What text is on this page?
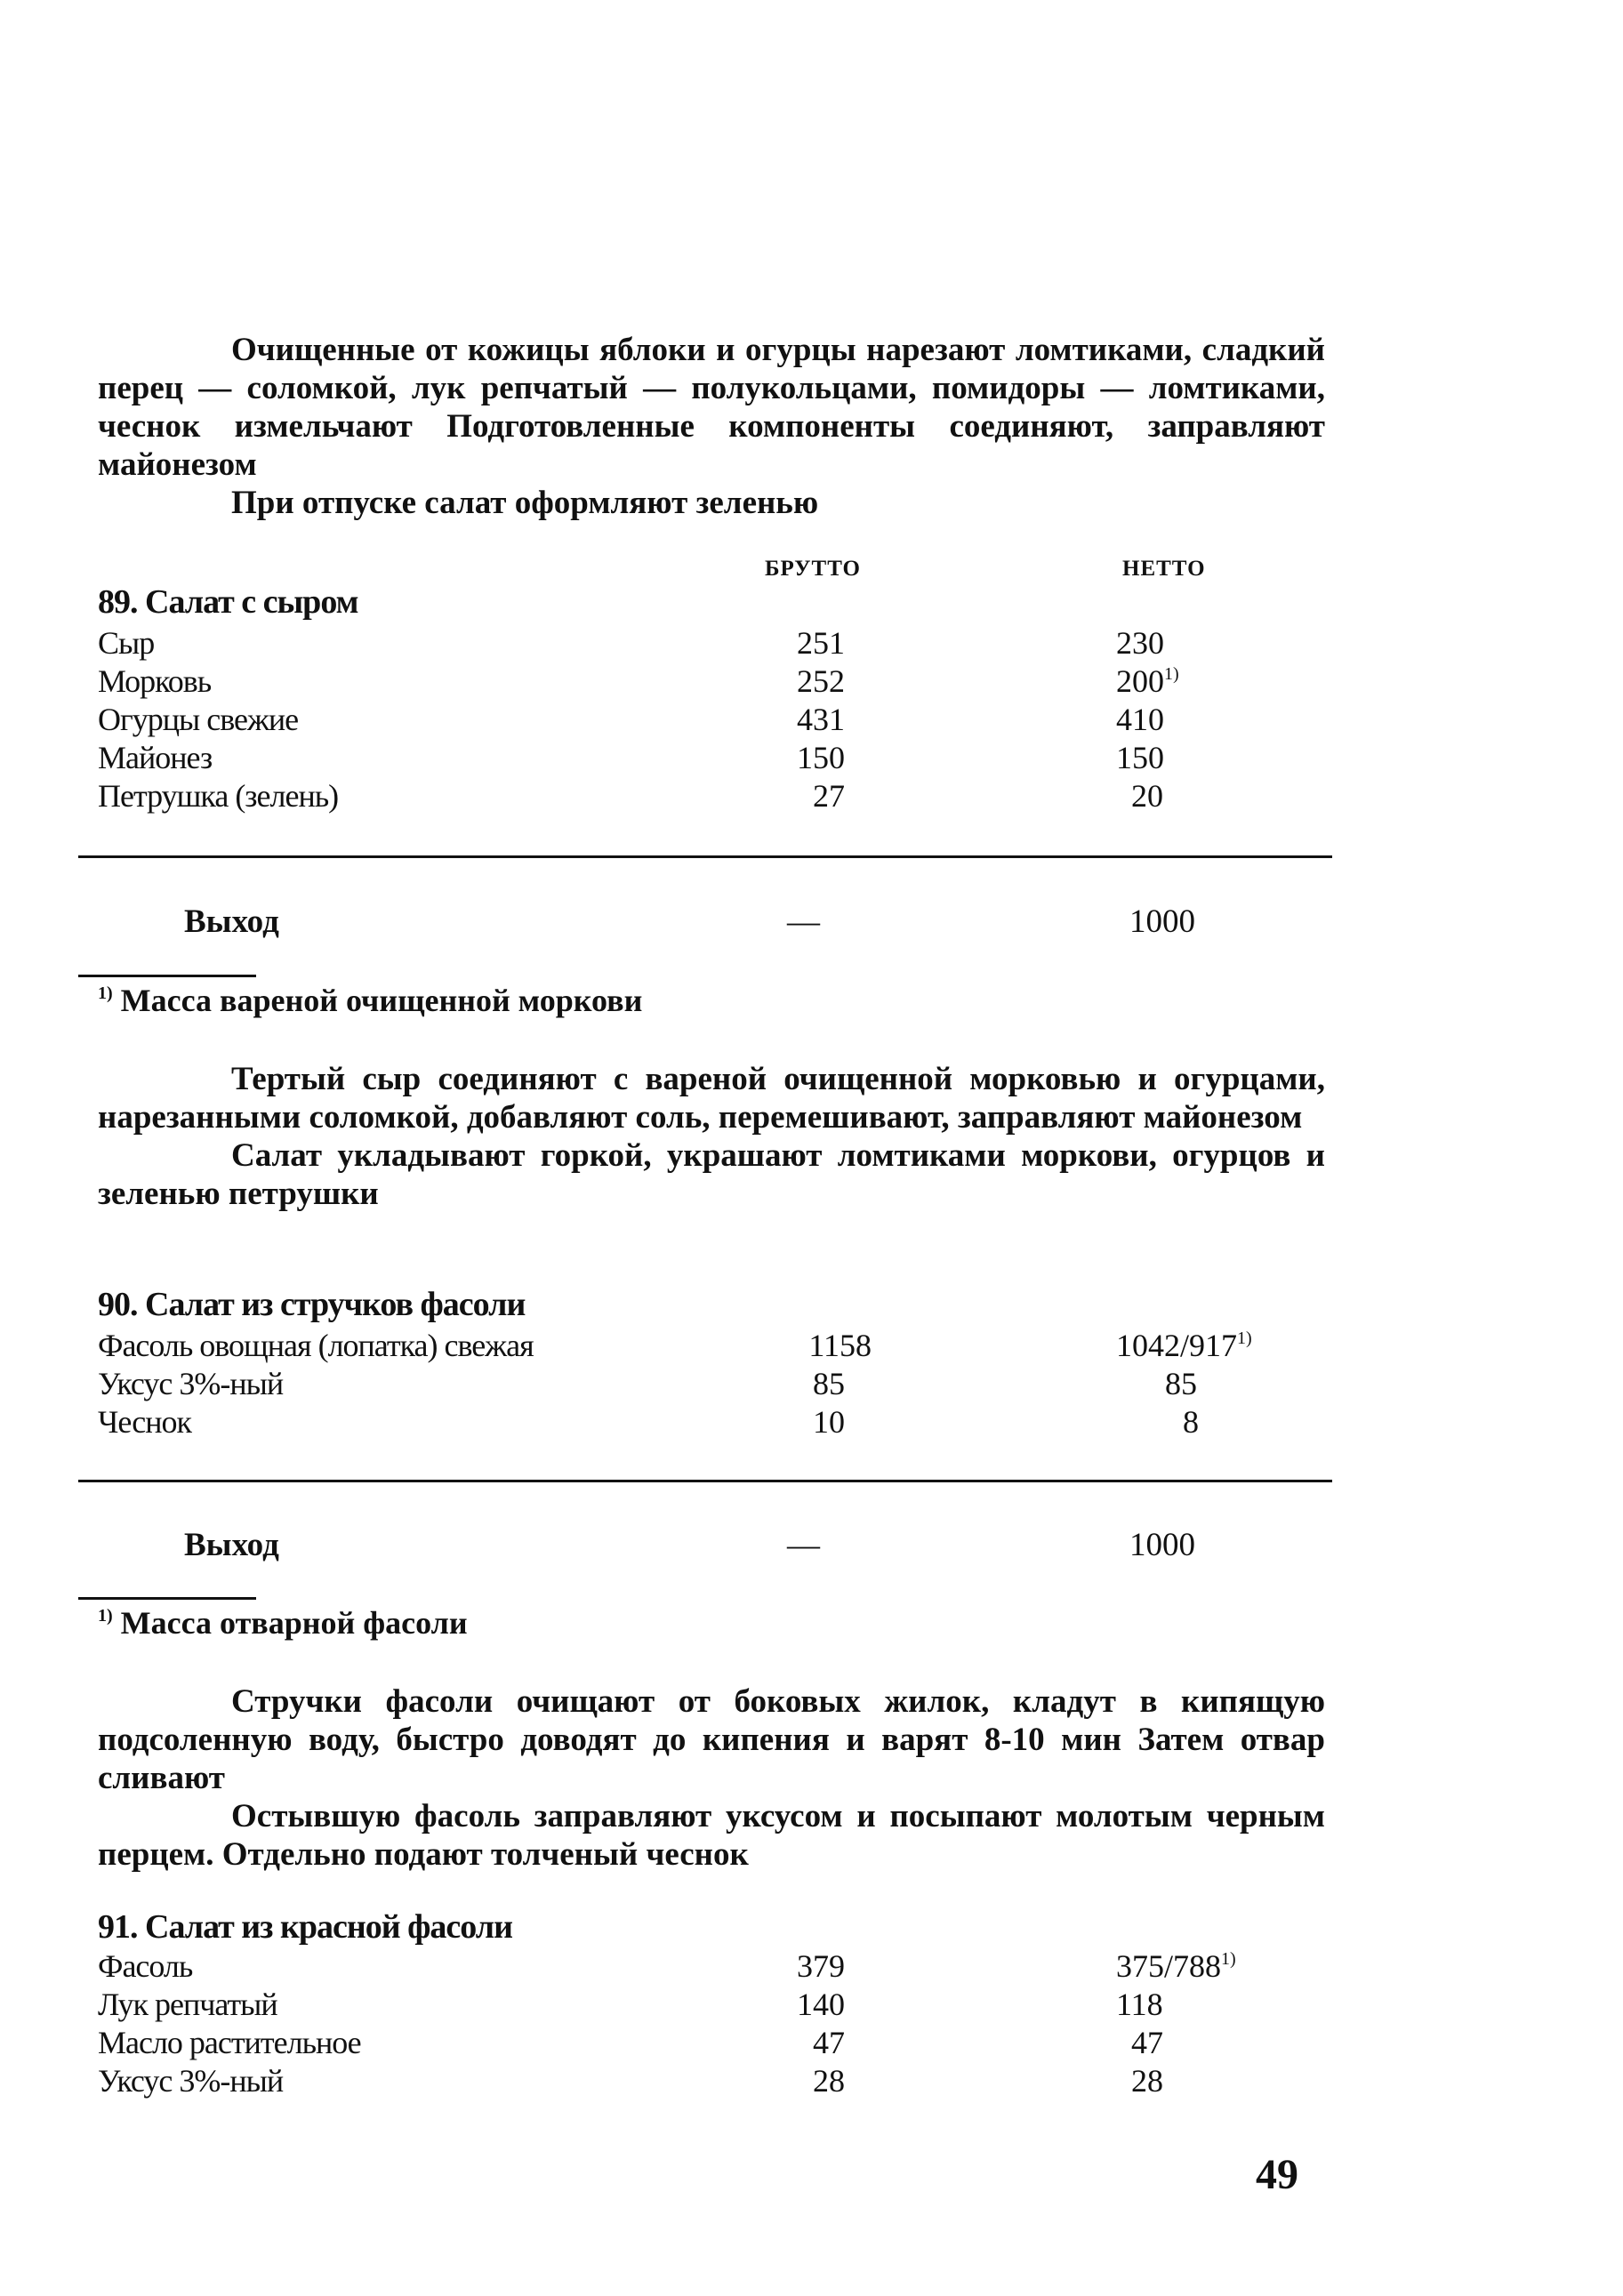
Очищенные от кожицы яблоки и огурцы нарезают ломтиками, сладкий перец — соломкой, лук репчатый — полукольцами, помидоры — ломтиками, чеснок измельчают Подготовленные компоненты соединяют, заправляют майонезом
При отпуске салат оформляют зеленью
БРУТТО	НЕТТО
89. Салат с сыром
Сыр	251	230
Морковь	252	200$^{1)}$
Огурцы свежие	431	410
Майонез	150	150
Петрушка (зелень)	27	20
Выход	—	1000
$^{1)}$ Масса вареной очищенной моркови
Тертый сыр соединяют с вареной очищенной морковью и огурцами, нарезанными соломкой, добавляют соль, перемешивают, заправляют майонезом
Салат укладывают горкой, украшают ломтиками моркови, огурцов и зеленью петрушки
90. Салат из стручков фасоли
Фасоль овощная (лопатка) свежая	1158	1042/917$^{1)}$
Уксус 3%-ный	85	85
Чеснок	10	8
Выход	—	1000
$^{1)}$ Масса отварной фасоли
Стручки фасоли очищают от боковых жилок, кладут в кипящую подсоленную воду, быстро доводят до кипения и варят 8-10 мин Затем отвар сливают
Остывшую фасоль заправляют уксусом и посыпают молотым черным перцем. Отдельно подают толченый чеснок
91. Салат из красной фасоли
Фасоль	379	375/788$^{1)}$
Лук репчатый	140	118
Масло растительное	47	47
Уксус 3%-ный	28	28
49
